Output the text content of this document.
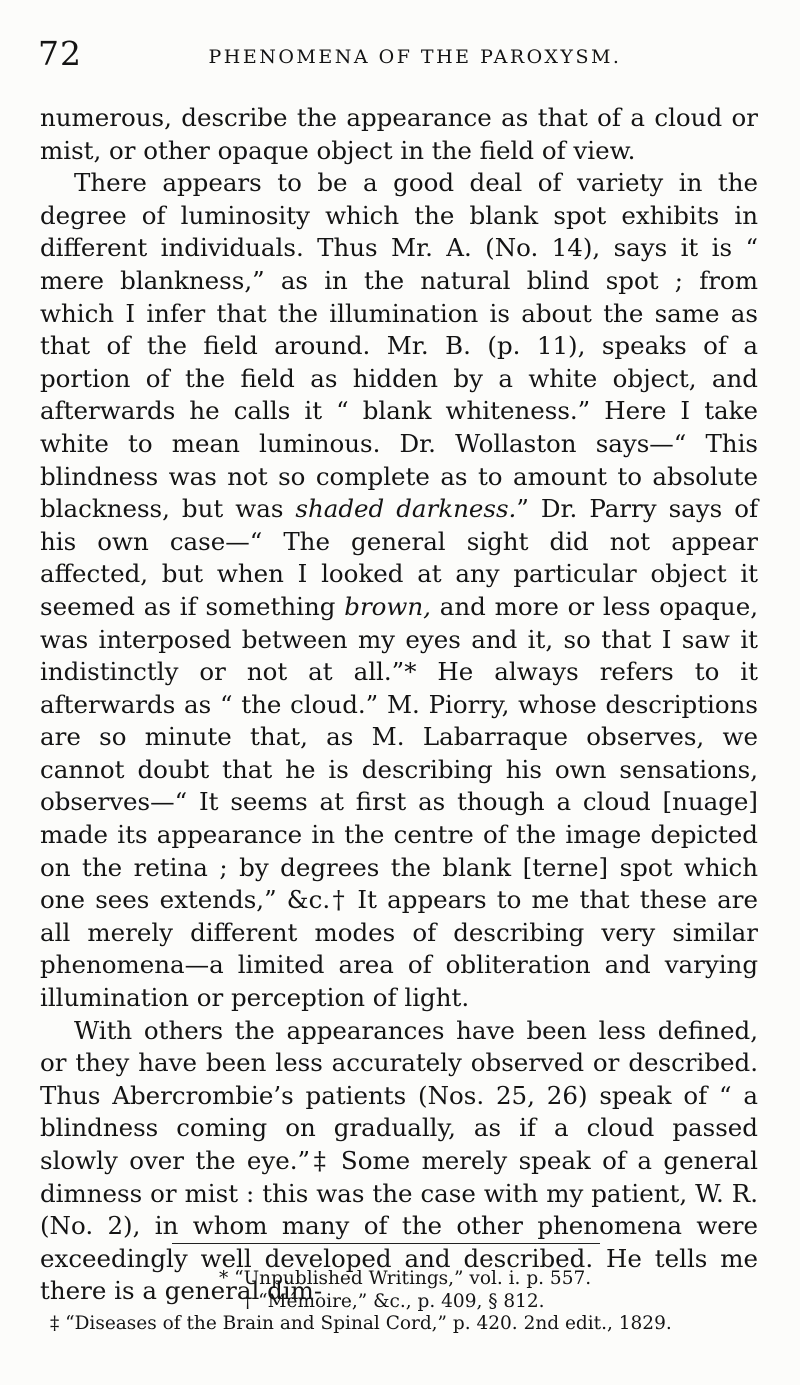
72	PHENOMENA OF THE PAROXYSM.

numerous, describe the appearance as that of a cloud or mist, or other opaque object in the field of view.

There appears to be a good deal of variety in the degree of luminosity which the blank spot exhibits in different individuals. Thus Mr. A. (No. 14), says it is “ mere blankness,” as in the natural blind spot ; from which I infer that the illumination is about the same as that of the field around. Mr. B. (p. 11), speaks of a portion of the field as hidden by a white object, and afterwards he calls it “ blank whiteness.” Here I take white to mean luminous. Dr. Wollaston says—“ This blindness was not so complete as to amount to absolute blackness, but was shaded darkness.” Dr. Parry says of his own case—“ The general sight did not appear affected, but when I looked at any particular object it seemed as if something brown, and more or less opaque, was interposed between my eyes and it, so that I saw it indistinctly or not at all.”* He always refers to it afterwards as “ the cloud.” M. Piorry, whose descriptions are so minute that, as M. Labarraque observes, we cannot doubt that he is describing his own sensations, observes—“ It seems at first as though a cloud [nuage] made its appearance in the centre of the image depicted on the retina ; by degrees the blank [terne] spot which one sees extends,” &c.† It appears to me that these are all merely different modes of describing very similar phenomena—a limited area of obliteration and varying illumination or perception of light.

With others the appearances have been less defined, or they have been less accurately observed or described. Thus Abercrombie’s patients (Nos. 25, 26) speak of “ a blindness coming on gradually, as if a cloud passed slowly over the eye.”‡ Some merely speak of a general dimness or mist : this was the case with my patient, W. R. (No. 2), in whom many of the other phenomena were exceedingly well developed and described. He tells me there is a general dim-

* “Unpublished Writings,” vol. i. p. 557.

† “Mémoire,” &c., p. 409, § 812.

‡ “Diseases of the Brain and Spinal Cord,” p. 420. 2nd edit., 1829.
